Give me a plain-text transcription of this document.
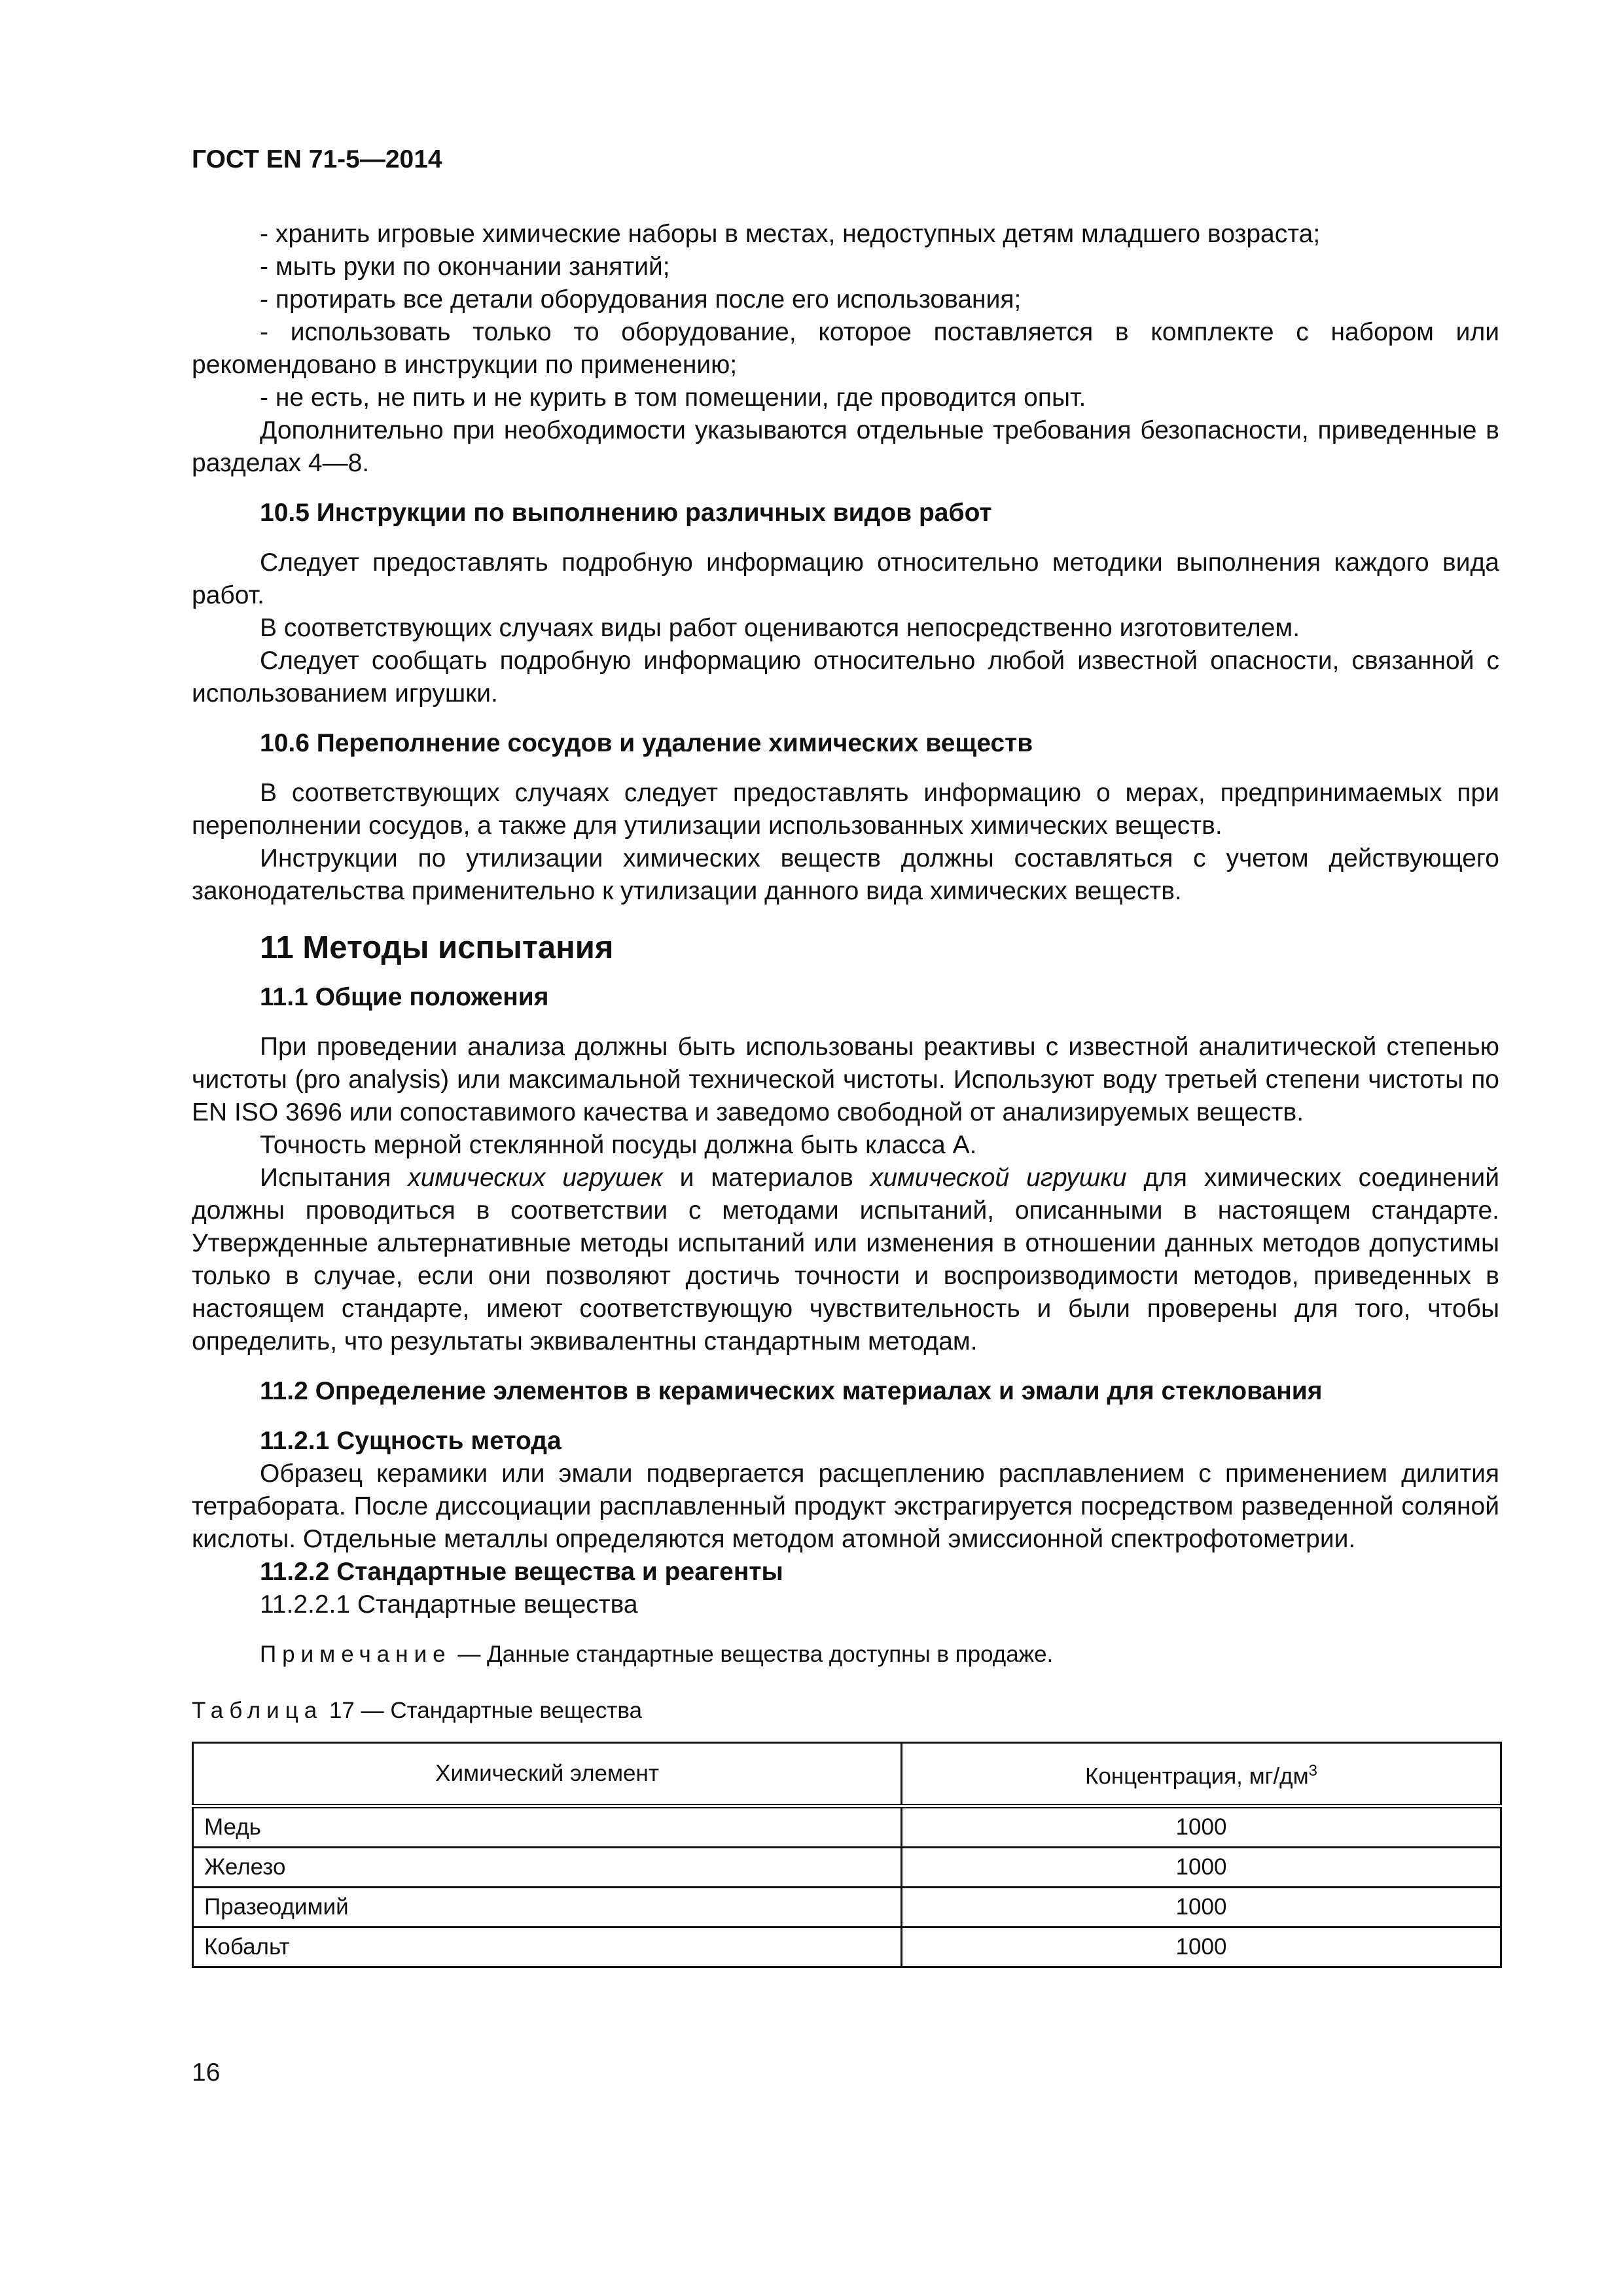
ГОСТ EN 71-5—2014

- хранить игровые химические наборы в местах, недоступных детям младшего возраста;

- мыть руки по окончании занятий;

- протирать все детали оборудования после его использования;

- использовать только то оборудование, которое поставляется в комплекте с набором или рекомендовано в инструкции по применению;

- не есть, не пить и не курить в том помещении, где проводится опыт.

Дополнительно при необходимости указываются отдельные требования безопасности, приведенные в разделах 4—8.

10.5 Инструкции по выполнению различных видов работ

Следует предоставлять подробную информацию относительно методики выполнения каждого вида работ.

В соответствующих случаях виды работ оцениваются непосредственно изготовителем.

Следует сообщать подробную информацию относительно любой известной опасности, связанной с использованием игрушки.

10.6 Переполнение сосудов и удаление химических веществ

В соответствующих случаях следует предоставлять информацию о мерах, предпринимаемых при переполнении сосудов, а также для утилизации использованных химических веществ.

Инструкции по утилизации химических веществ должны составляться с учетом действующего законодательства применительно к утилизации данного вида химических веществ.

11 Методы испытания

11.1 Общие положения

При проведении анализа должны быть использованы реактивы с известной аналитической степенью чистоты (pro analysis) или максимальной технической чистоты. Используют воду третьей степени чистоты по EN ISO 3696 или сопоставимого качества и заведомо свободной от анализируемых веществ.

Точность мерной стеклянной посуды должна быть класса А.

Испытания химических игрушек и материалов химической игрушки для химических соединений должны проводиться в соответствии с методами испытаний, описанными в настоящем стандарте. Утвержденные альтернативные методы испытаний или изменения в отношении данных методов допустимы только в случае, если они позволяют достичь точности и воспроизводимости методов, приведенных в настоящем стандарте, имеют соответствующую чувствительность и были проверены для того, чтобы определить, что результаты эквивалентны стандартным методам.

11.2 Определение элементов в керамических материалах и эмали для стеклования

11.2.1 Сущность метода

Образец керамики или эмали подвергается расщеплению расплавлением с применением дилития тетрабората. После диссоциации расплавленный продукт экстрагируется посредством разведенной соляной кислоты. Отдельные металлы определяются методом атомной эмиссионной спектрофотометрии.

11.2.2 Стандартные вещества и реагенты

11.2.2.1 Стандартные вещества

Примечание — Данные стандартные вещества доступны в продаже.

Таблица 17 — Стандартные вещества

Химический элемент	Концентрация, $мг/дм^3$
Медь	1000
Железо	1000
Празеодимий	1000
Кобальт	1000
16
